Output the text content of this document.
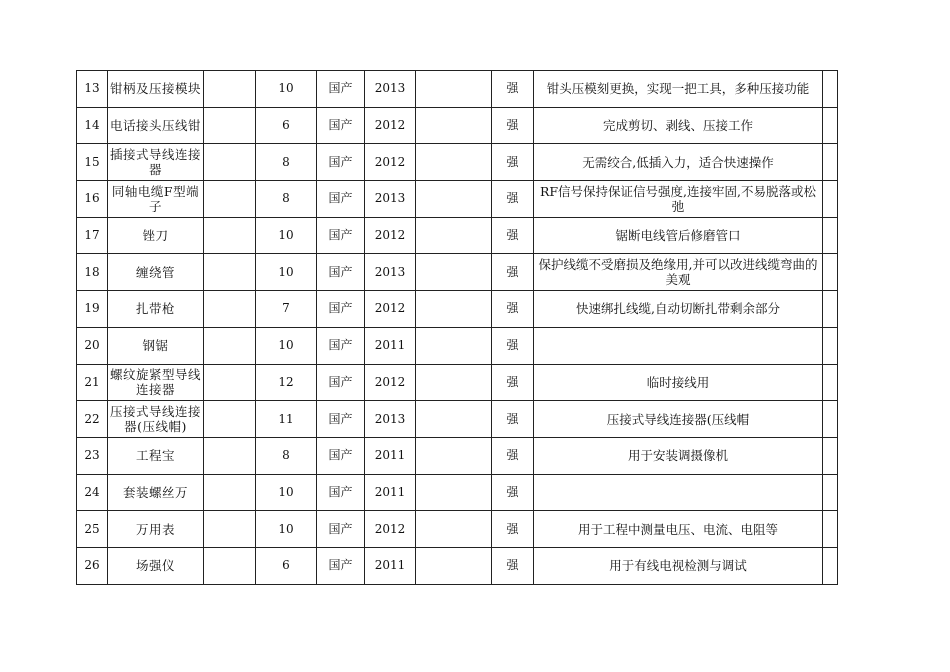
13	钳柄及压接模块		10	国产	2013		强	钳头压模刻更换，实现一把工具，多种压接功能	
14	电话接头压线钳		6	国产	2012		强	完成剪切、剥线、压接工作	
15	插接式导线连接器		8	国产	2012		强	无需绞合,低插入力，适合快速操作	
16	同轴电缆F型端子		8	国产	2013		强	RF信号保持保证信号强度,连接牢固,不易脱落或松弛	
17	锉刀		10	国产	2012		强	锯断电线管后修磨管口	
18	缠绕管		10	国产	2013		强	保护线缆不受磨损及绝缘用,并可以改进线缆弯曲的美观	
19	扎带枪		7	国产	2012		强	快速绑扎线缆,自动切断扎带剩余部分	
20	钢锯		10	国产	2011		强		
21	螺纹旋紧型导线连接器		12	国产	2012		强	临时接线用	
22	压接式导线连接器(压线帽)		11	国产	2013		强	压接式导线连接器(压线帽	
23	工程宝		8	国产	2011		强	用于安装调摄像机	
24	套装螺丝万		10	国产	2011		强		
25	万用表		10	国产	2012		强	用于工程中测量电压、电流、电阻等	
26	场强仪		6	国产	2011		强	用于有线电视检测与调试	
